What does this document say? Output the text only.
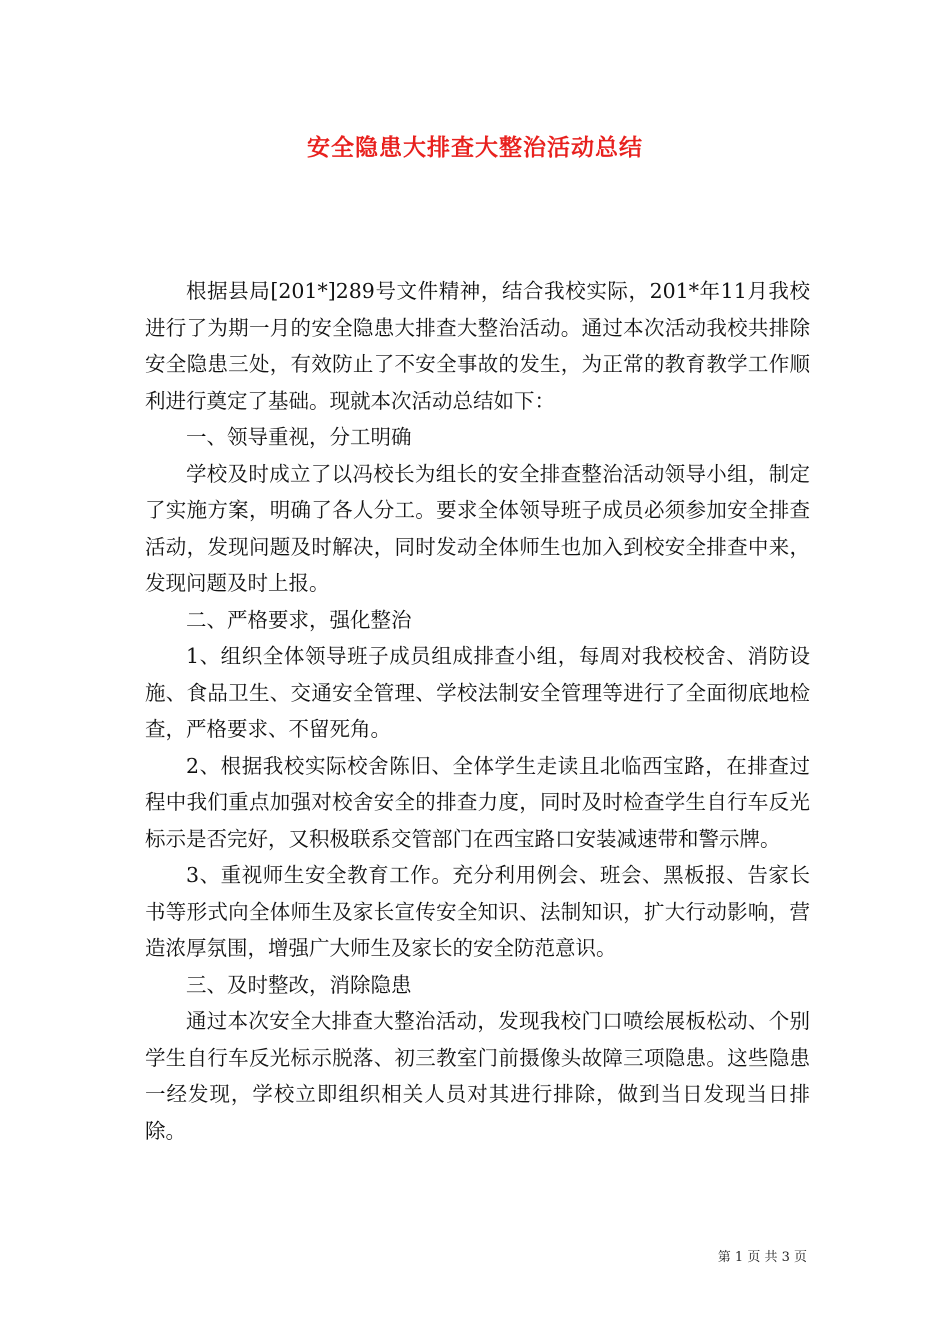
安全隐患大排查大整治活动总结

根据县局[201*]289号文件精神，结合我校实际，201*年11月我校进行了为期一月的安全隐患大排查大整治活动。通过本次活动我校共排除安全隐患三处，有效防止了不安全事故的发生，为正常的教育教学工作顺利进行奠定了基础。现就本次活动总结如下：

一、领导重视，分工明确

学校及时成立了以冯校长为组长的安全排查整治活动领导小组，制定了实施方案，明确了各人分工。要求全体领导班子成员必须参加安全排查活动，发现问题及时解决，同时发动全体师生也加入到校安全排查中来，发现问题及时上报。

二、严格要求，强化整治

1、组织全体领导班子成员组成排查小组，每周对我校校舍、消防设施、食品卫生、交通安全管理、学校法制安全管理等进行了全面彻底地检查，严格要求、不留死角。

2、根据我校实际校舍陈旧、全体学生走读且北临西宝路，在排查过程中我们重点加强对校舍安全的排查力度，同时及时检查学生自行车反光标示是否完好，又积极联系交管部门在西宝路口安装减速带和警示牌。

3、重视师生安全教育工作。充分利用例会、班会、黑板报、告家长书等形式向全体师生及家长宣传安全知识、法制知识，扩大行动影响，营造浓厚氛围，增强广大师生及家长的安全防范意识。

三、及时整改，消除隐患

通过本次安全大排查大整治活动，发现我校门口喷绘展板松动、个别学生自行车反光标示脱落、初三教室门前摄像头故障三项隐患。这些隐患一经发现，学校立即组织相关人员对其进行排除，做到当日发现当日排除。

第 1 页 共 3 页
